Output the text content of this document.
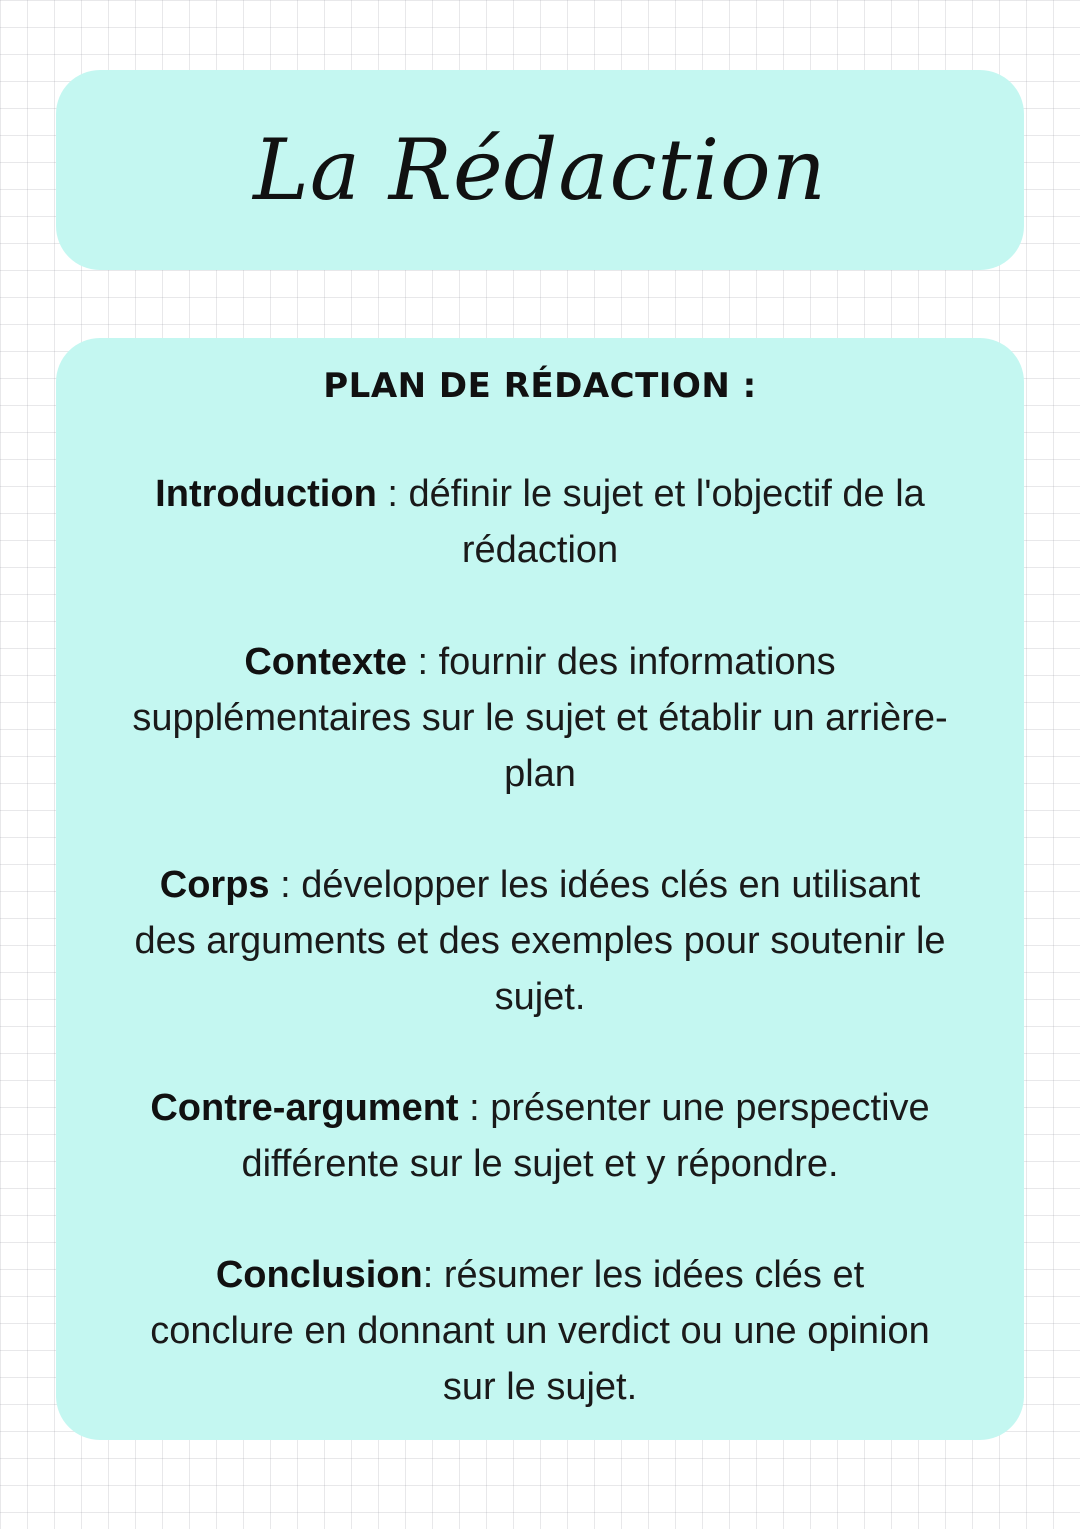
La Rédaction
PLAN DE RÉDACTION :
Introduction : définir le sujet et l'objectif de la rédaction
Contexte : fournir des informations supplémentaires sur le sujet et établir un arrière-plan
Corps : développer les idées clés en utilisant des arguments et des exemples pour soutenir le sujet.
Contre-argument : présenter une perspective différente sur le sujet et y répondre.
Conclusion: résumer les idées clés et conclure en donnant un verdict ou une opinion sur le sujet.
